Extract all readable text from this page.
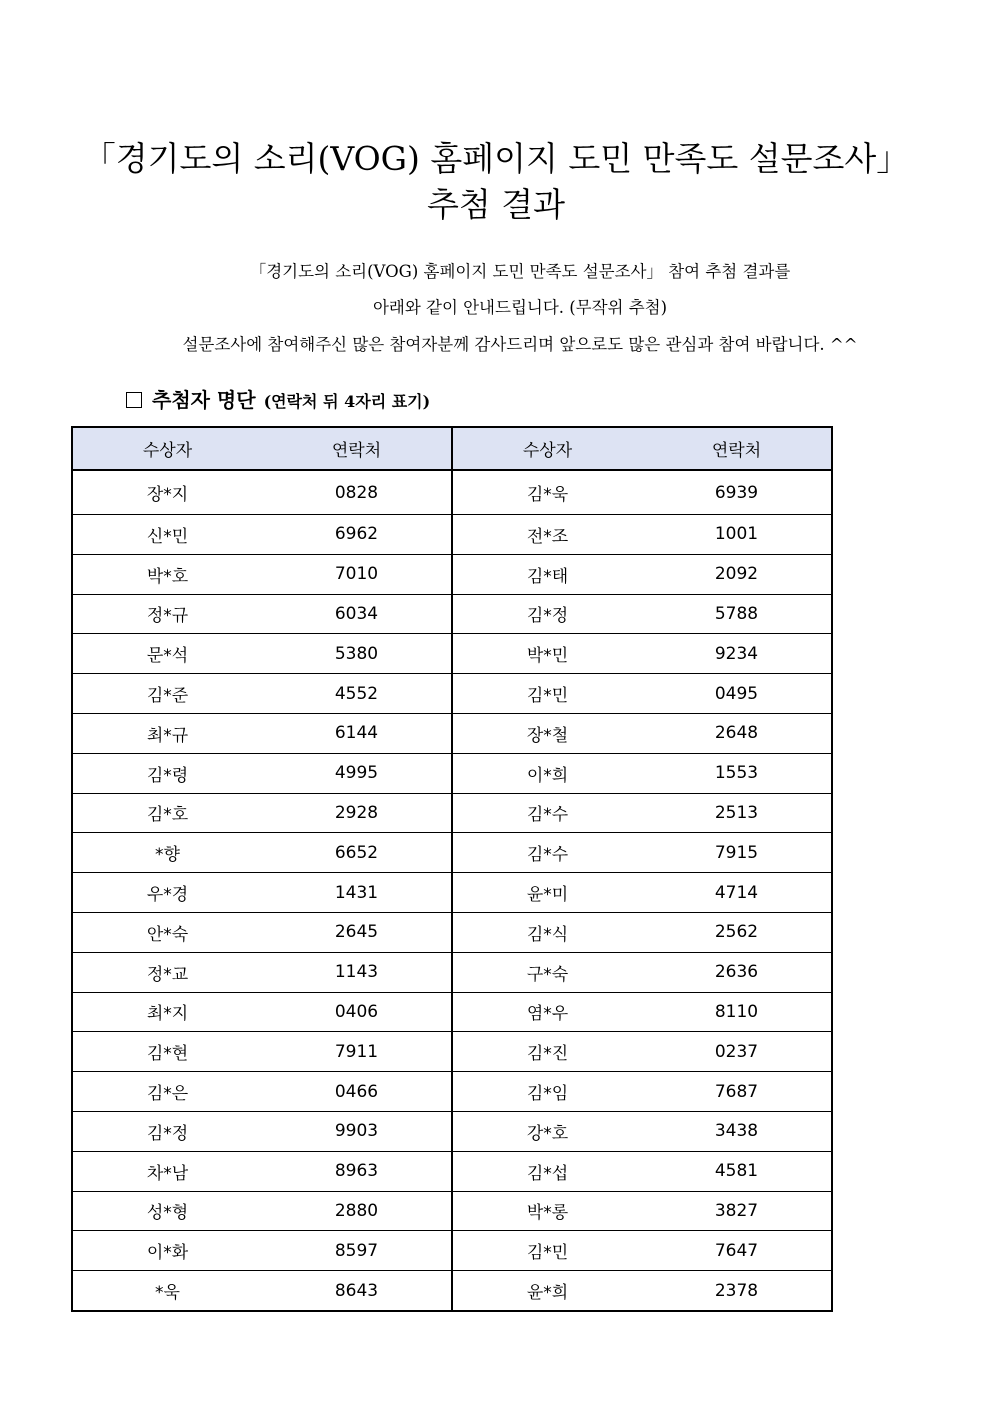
「경기도의 소리(VOG) 홈페이지 도민 만족도 설문조사」
추첨 결과
「경기도의 소리(VOG) 홈페이지 도민 만족도 설문조사」 참여 추첨 결과를
아래와 같이 안내드립니다. (무작위 추첨)
설문조사에 참여해주신 많은 참여자분께 감사드리며 앞으로도 많은 관심과 참여 바랍니다. ^^
추첨자 명단 (연락처 뒤 4자리 표기)
수상자	연락처	수상자	연락처
장*지	0828	김*욱	6939
신*민	6962	전*조	1001
박*호	7010	김*태	2092
정*규	6034	김*정	5788
문*석	5380	박*민	9234
김*준	4552	김*민	0495
최*규	6144	장*철	2648
김*령	4995	이*희	1553
김*호	2928	김*수	2513
*향	6652	김*수	7915
우*경	1431	윤*미	4714
안*숙	2645	김*식	2562
정*교	1143	구*숙	2636
최*지	0406	염*우	8110
김*현	7911	김*진	0237
김*은	0466	김*임	7687
김*정	9903	강*호	3438
차*남	8963	김*섭	4581
성*형	2880	박*롱	3827
이*화	8597	김*민	7647
*욱	8643	윤*희	2378
